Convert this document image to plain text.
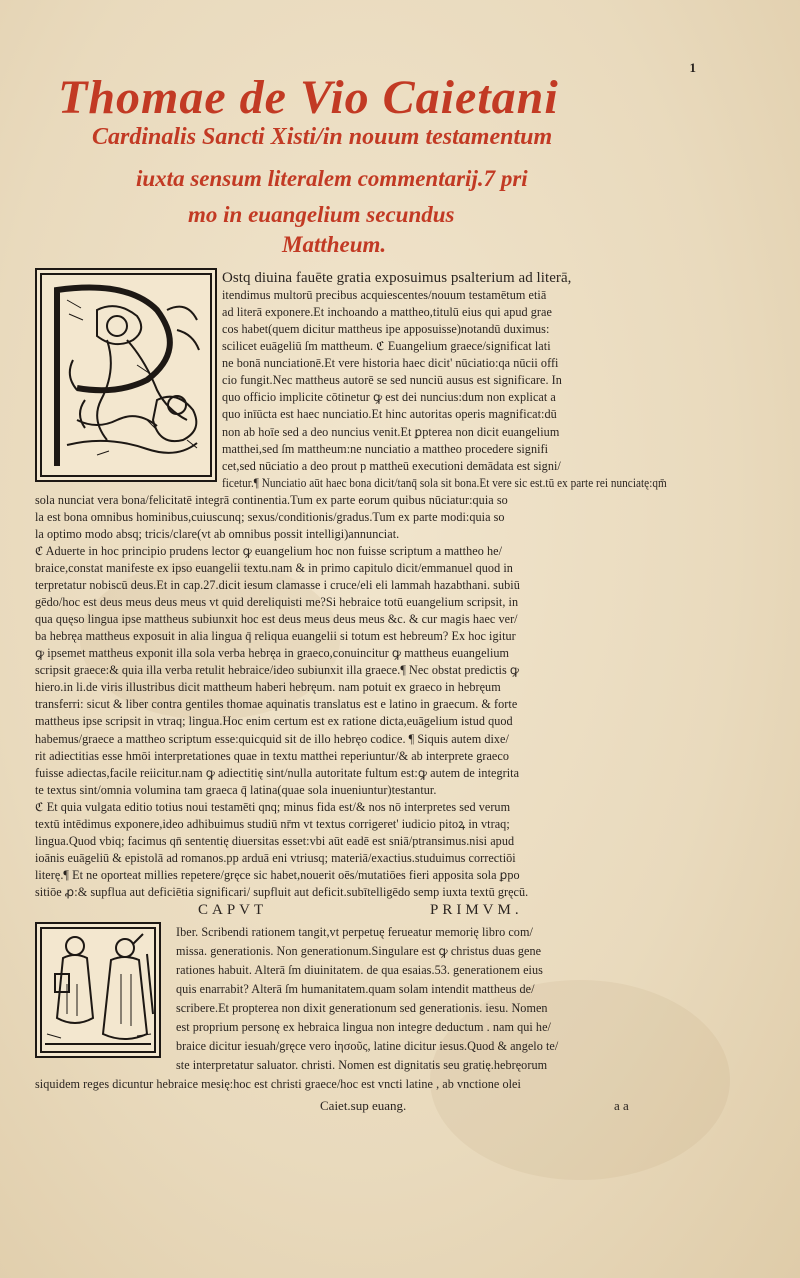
1
Thomae de Vio Caietani
Cardinalis Sancti Xisti/in nouum testamentum
iuxta sensum literalem commentarij.7 pri
mo in euangelium secundus
Mattheum.
Ostq diuina fauēte gratia exposuimus psalterium ad literā,
itendimus multorū precibus acquiescentes/nouum testamētum etiā
ad literā exponere.Et inchoando a mattheo,titulū eius qui apud grae
cos habet(quem dicitur mattheus ipe apposuisse)notandū duximus:
scilicet euāgeliū ſm mattheum. ℭ Euangelium graece/significat lati
ne bonā nunciationē.Et vere historia haec dicit' nūciatio:qa nūcii offi
cio fungit.Nec mattheus autorē se sed nunciū ausus est significare. In
quo officio implicite cōtinetur ꝙ est dei nuncius:dum non explicat a
quo inīūcta est haec nunciatio.Et hinc autoritas operis magnificat:dū
non ab hoīe sed a deo nuncius venit.Et ꝑpterea non dicit euangelium
matthei,sed ſm mattheum:ne nunciatio a mattheo procedere signifi
cet,sed nūciatio a deo prout p mattheū executioni demādata est signi/
ficetur.¶ Nunciatio aūt haec bona dicit/tanq̄ sola sit bona.Et vere sic est.tū ex parte rei nunciatę:qm̄
sola nunciat vera bona/felicitatē integrā continentia.Tum ex parte eorum quibus nūciatur:quia so
la est bona omnibus hominibus,cuiuscunq; sexus/conditionis/gradus.Tum ex parte modi:quia so
la optimo modo absq; tricis/clare(vt ab omnibus possit intelligi)annunciat.
ℭ Aduerte in hoc principio prudens lector ꝙ euangelium hoc non fuisse scriptum a mattheo he/
braice,constat manifeste ex ipso euangelii textu.nam & in primo capitulo dicit/emmanuel quod in
terpretatur nobiscū deus.Et in cap.27.dicit iesum clamasse i cruce/eli eli lammah hazabthani. subiū
gēdo/hoc est deus meus deus meus vt quid dereliquisti me?Si hebraice totū euangelium scripsit, in
qua quęso lingua ipse mattheus subiunxit hoc est deus meus deus meus &c. & cur magis haec ver/
ba hebręa mattheus exposuit in alia lingua q̄ reliqua euangelii si totum est hebreum? Ex hoc igitur
ꝙ ipsemet mattheus exponit illa sola verba hebręa in graeco,conuincitur ꝙ mattheus euangelium
scripsit graece:& quia illa verba retulit hebraice/ideo subiunxit illa graece.¶ Nec obstat predictis ꝙ
hiero.in li.de viris illustribus dicit mattheum haberi hebręum. nam potuit ex graeco in hebręum
transferri: sicut & liber contra gentiles thomae aquinatis translatus est e latino in graecum. & forte
mattheus ipse scripsit in vtraq; lingua.Hoc enim certum est ex ratione dicta,euāgelium istud quod
habemus/graece a mattheo scriptum esse:quicquid sit de illo hebręo codice. ¶ Siquis autem dixe/
rit adiectitias esse hmōi interpretationes quae in textu matthei reperiuntur/& ab interprete graeco
fuisse adiectas,facile reiicitur.nam ꝙ adiectitię sint/nulla autoritate fultum est:ꝙ autem de integrita
te textus sint/omnia volumina tam graeca q̄ latina(quae sola inueniuntur)testantur.
ℭ Et quia vulgata editio totius noui testamēti qnq; minus fida est/& nos nō interpretes sed verum
textū intēdimus exponere,ideo adhibuimus studiū nr̄m vt textus corrigeret' iudicio pitoꝝ in vtraq;
lingua.Quod vbiq; facimus qn̄ sententię diuersitas esset:vbi aūt eadē est sniā/ptransimus.nisi apud
ioānis euāgeliū & epistolā ad romanos.pp arduā eni vtriusq; materiā/exactius.studuimus correctiōi
literę.¶ Et ne oporteat millies repetere/gręce sic habet,nouerit oēs/mutatiōes fieri apposita sola ꝑpo
sitiōe ꝓ:& supflua aut deficiētia significari/ supfluit aut deficit.subītelligēdo semp iuxta textū gręcū.
CAPVT	PRIMVM.
Iber. Scribendi rationem tangit,vt perpetuę ferueatur memorię libro com/
missa. generationis. Non generationum.Singulare est ꝙ christus duas gene
rationes habuit. Alterā ſm diuinitatem. de qua esaias.53. generationem eius
quis enarrabit? Alterā ſm humanitatem.quam solam intendit mattheus de/
scribere.Et propterea non dixit generationum sed generationis. iesu. Nomen
est proprium personę ex hebraica lingua non integre deductum . nam qui he/
braice dicitur iesuah/gręce vero ἰησοῦς, latine dicitur iesus.Quod & angelo te/
ste interpretatur saluator. christi. Nomen est dignitatis seu gratię.hebręorum
siquidem reges dicuntur hebraice mesię:hoc est christi graece/hoc est vncti latine , ab vnctione olei
Caiet.sup euang.	a a
